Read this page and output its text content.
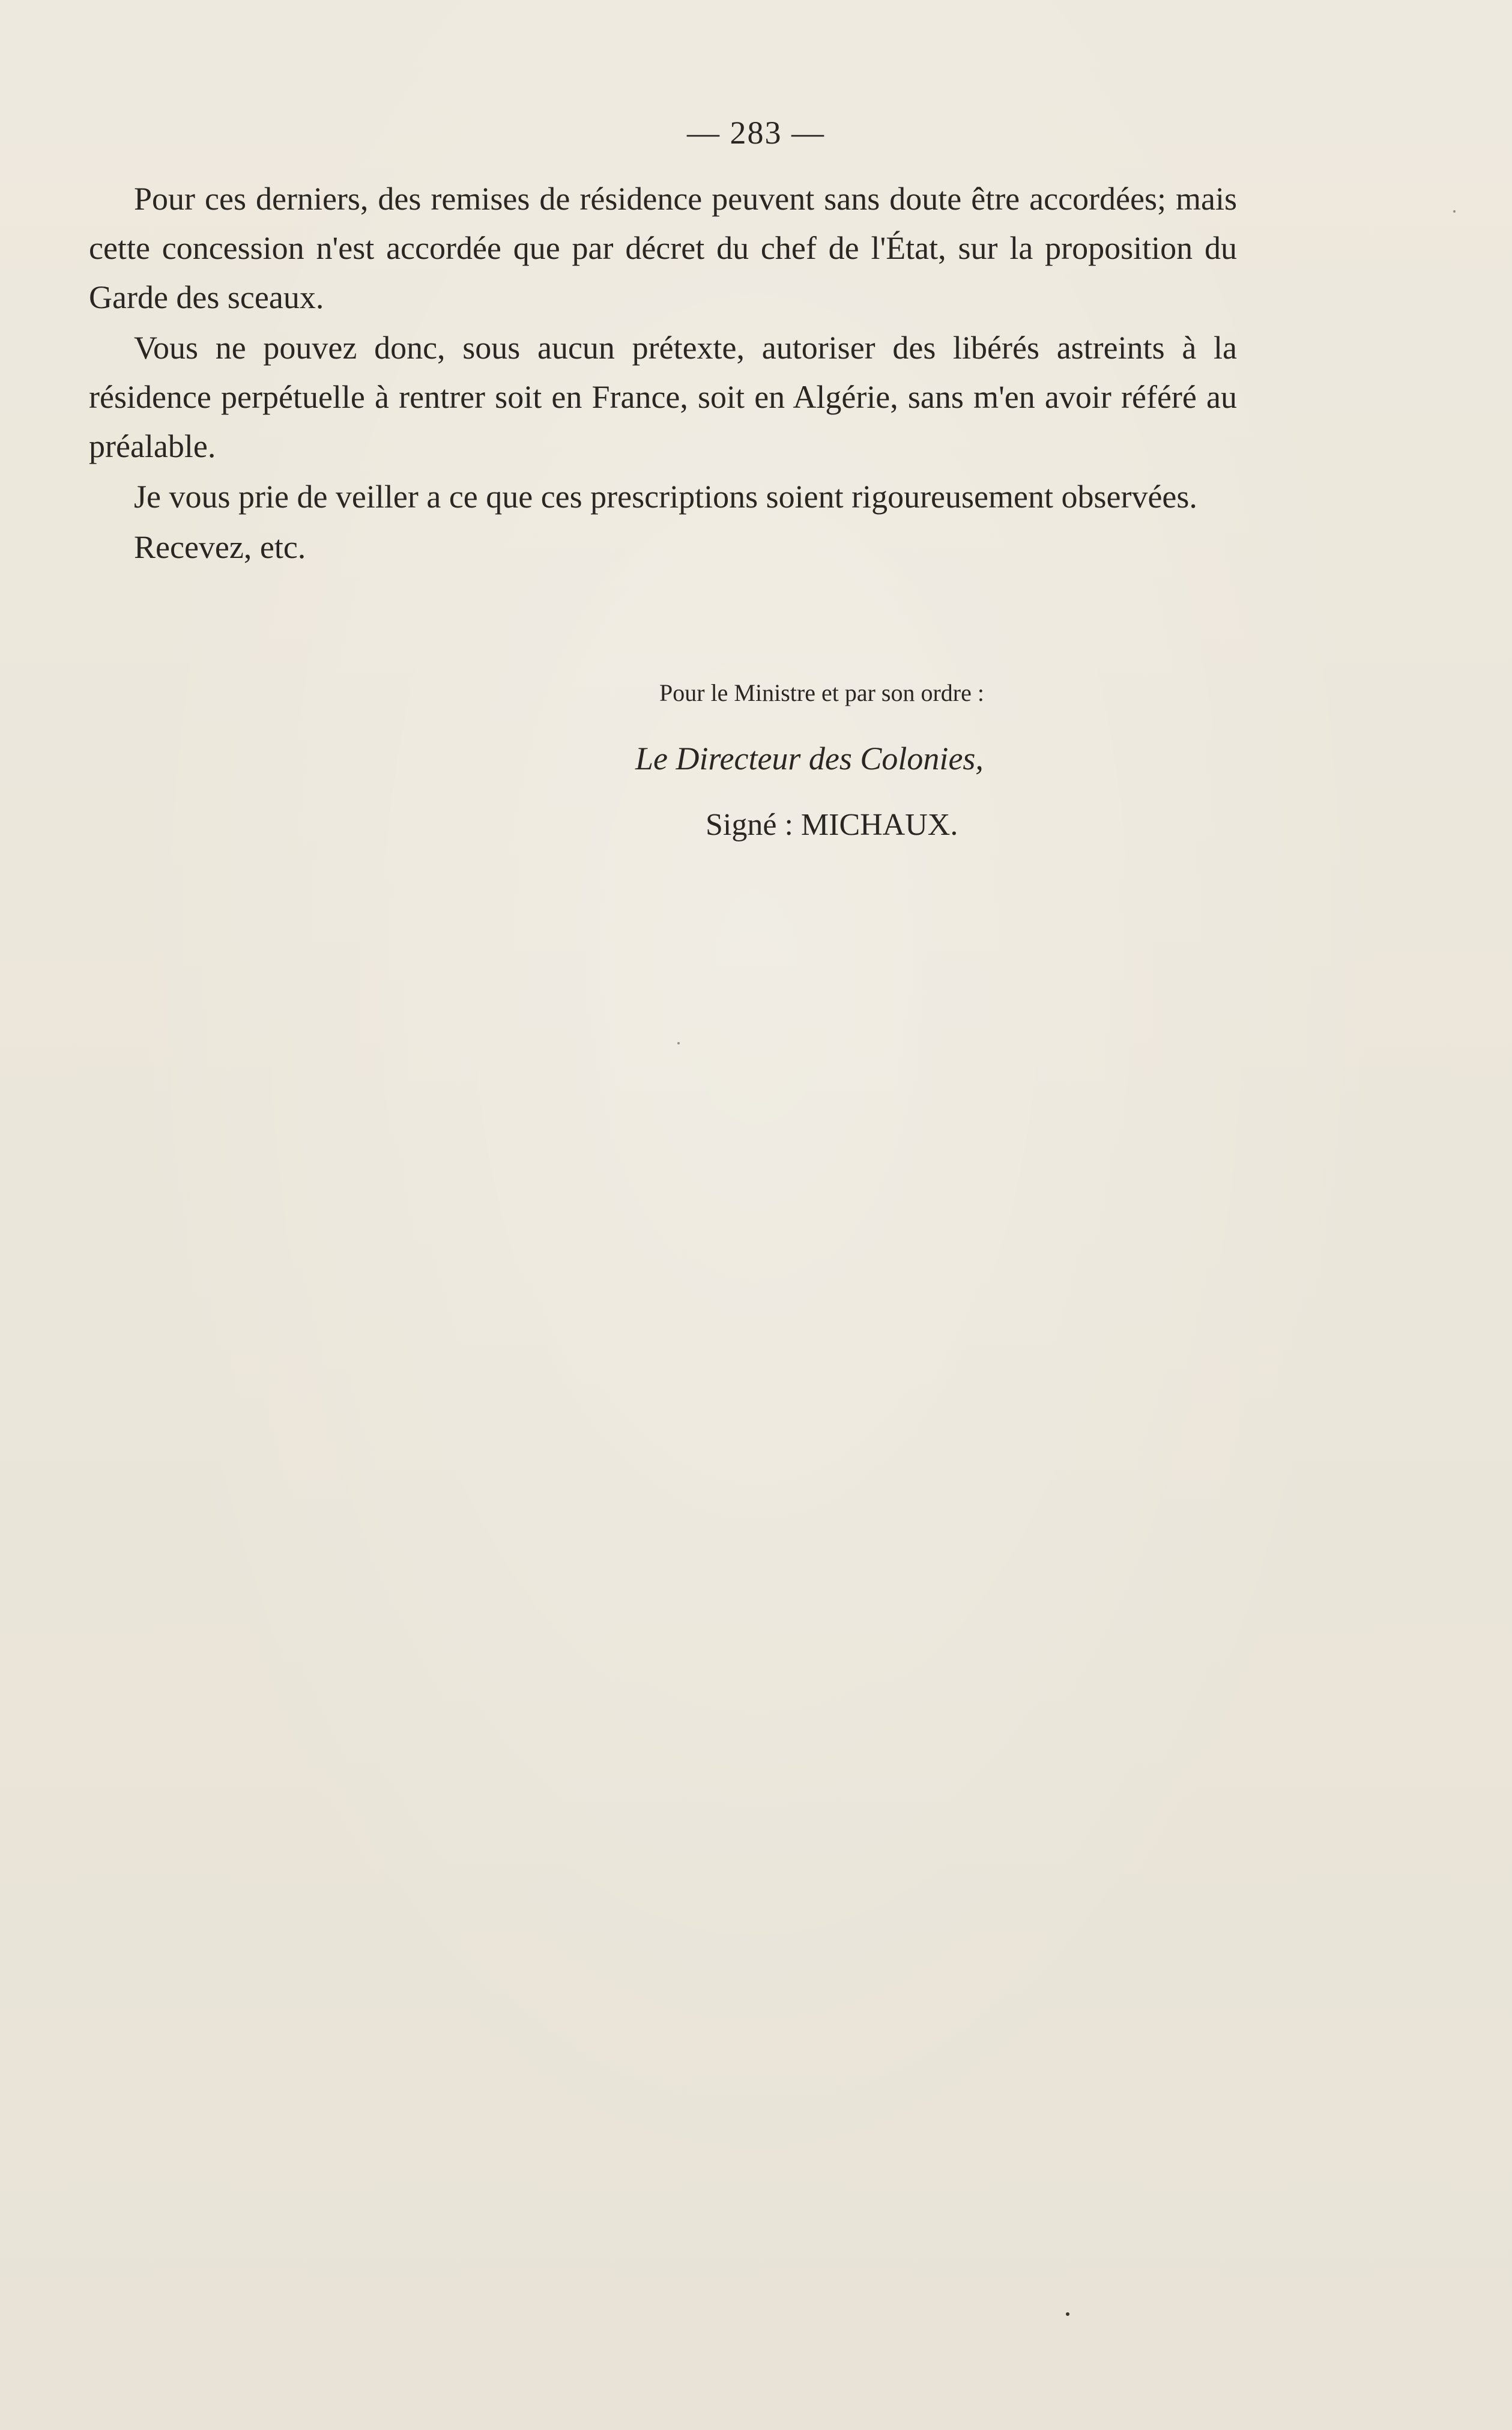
— 283 —

Pour ces derniers, des remises de résidence peuvent sans doute être accordées; mais cette concession n'est accordée que par décret du chef de l'État, sur la proposition du Garde des sceaux.

Vous ne pouvez donc, sous aucun prétexte, autoriser des libérés astreints à la résidence perpétuelle à rentrer soit en France, soit en Algérie, sans m'en avoir référé au préalable.

Je vous prie de veiller a ce que ces prescriptions soient rigoureusement observées.

Recevez, etc.

Pour le Ministre et par son ordre :
Le Directeur des Colonies,
Signé : MICHAUX.
